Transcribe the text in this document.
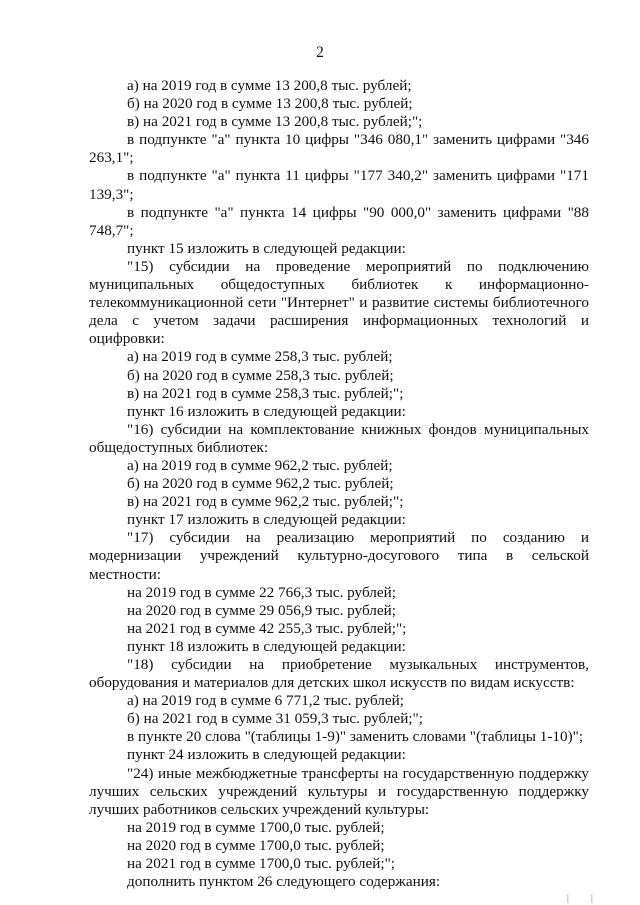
2

а) на 2019 год в сумме 13 200,8 тыс. рублей;

б) на 2020 год в сумме 13 200,8 тыс. рублей;

в) на 2021 год в сумме 13 200,8 тыс. рублей;";

в подпункте "а" пункта 10 цифры "346 080,1" заменить цифрами "346 263,1";

в подпункте "а" пункта 11 цифры "177 340,2" заменить цифрами "171 139,3";

в подпункте "а" пункта 14 цифры "90 000,0" заменить цифрами "88 748,7";

пункт 15 изложить в следующей редакции:

"15) субсидии на проведение мероприятий по подключению муниципальных общедоступных библиотек к информационно-телекоммуникационной сети "Интернет" и развитие системы библиотечного дела с учетом задачи расширения информационных технологий и оцифровки:

а) на 2019 год в сумме 258,3 тыс. рублей;

б) на 2020 год в сумме 258,3 тыс. рублей;

в) на 2021 год в сумме 258,3 тыс. рублей;";

пункт 16 изложить в следующей редакции:

"16) субсидии на комплектование книжных фондов муниципальных общедоступных библиотек:

а) на 2019 год в сумме 962,2 тыс. рублей;

б) на 2020 год в сумме 962,2 тыс. рублей;

в) на 2021 год в сумме 962,2 тыс. рублей;";

пункт 17 изложить в следующей редакции:

"17) субсидии на реализацию мероприятий по созданию и модернизации учреждений культурно-досугового типа в сельской местности:

на 2019 год в сумме 22 766,3 тыс. рублей;

на 2020 год в сумме 29 056,9 тыс. рублей;

на 2021 год в сумме 42 255,3 тыс. рублей;";

пункт 18 изложить в следующей редакции:

"18) субсидии на приобретение музыкальных инструментов, оборудования и материалов для детских школ искусств по видам искусств:

а) на 2019 год в сумме 6 771,2 тыс. рублей;

б) на 2021 год в сумме 31 059,3 тыс. рублей;";

в пункте 20 слова "(таблицы 1-9)" заменить словами "(таблицы 1-10)";

пункт 24 изложить в следующей редакции:

"24) иные межбюджетные трансферты на государственную поддержку лучших сельских учреждений культуры и государственную поддержку лучших работников сельских учреждений культуры:

на 2019 год в сумме 1700,0 тыс. рублей;

на 2020 год в сумме 1700,0 тыс. рублей;

на 2021 год в сумме 1700,0 тыс. рублей;";

дополнить пунктом 26 следующего содержания:

| |
